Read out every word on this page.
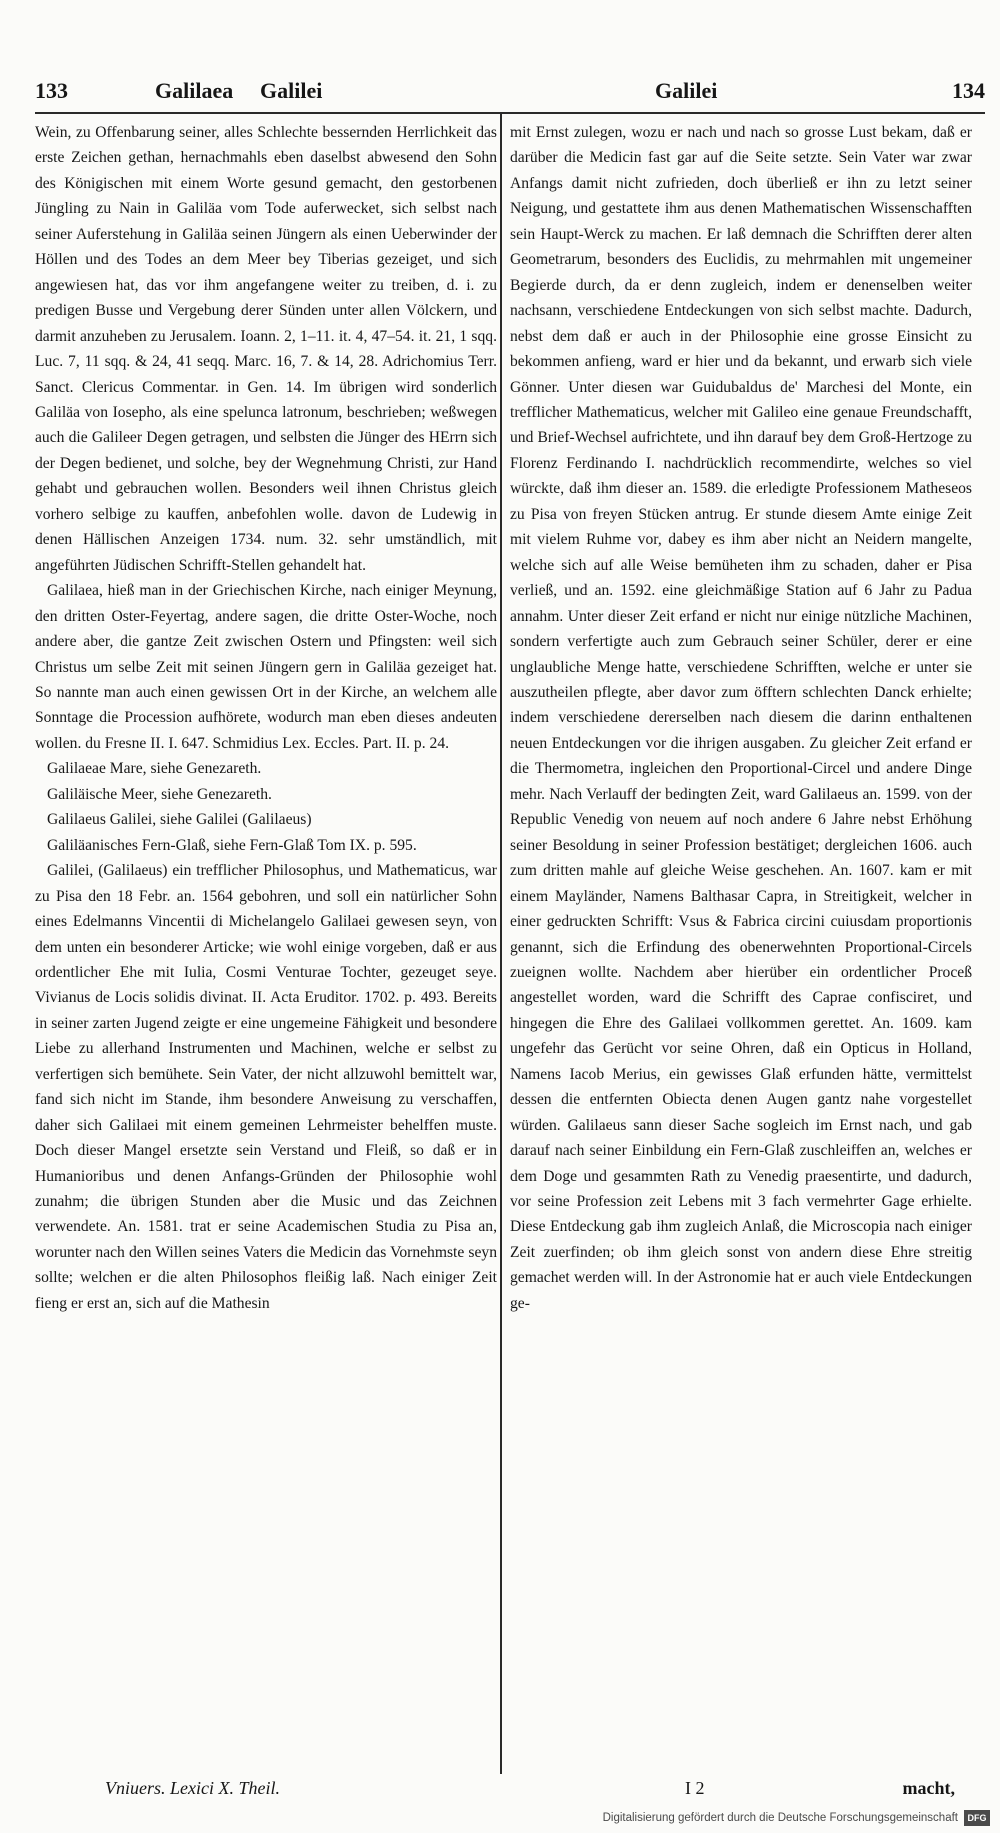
133	Galilaea Galilei	Galilei	134

Wein, zu Offenbarung seiner, alles Schlechte bessernden Herrlichkeit das erste Zeichen gethan, hernachmahls eben daselbst abwesend den Sohn des Königischen mit einem Worte gesund gemacht, den gestorbenen Jüngling zu Nain in Galiläa vom Tode auferwecket, sich selbst nach seiner Auferstehung in Galiläa seinen Jüngern als einen Ueberwinder der Höllen und des Todes an dem Meer bey Tiberias gezeiget, und sich angewiesen hat, das vor ihm angefangene weiter zu treiben, d. i. zu predigen Busse und Vergebung derer Sünden unter allen Völckern, und darmit anzuheben zu Jerusalem. Ioann. 2, 1–11. it. 4, 47–54. it. 21, 1 sqq. Luc. 7, 11 sqq. & 24, 41 seqq. Marc. 16, 7. & 14, 28. Adrichomius Terr. Sanct. Clericus Commentar. in Gen. 14. Im übrigen wird sonderlich Galiläa von Iosepho, als eine spelunca latronum, beschrieben; weßwegen auch die Galileer Degen getragen, und selbsten die Jünger des HErrn sich der Degen bedienet, und solche, bey der Wegnehmung Christi, zur Hand gehabt und gebrauchen wollen. Besonders weil ihnen Christus gleich vorhero selbige zu kauffen, anbefohlen wolle. davon de Ludewig in denen Hällischen Anzeigen 1734. num. 32. sehr umständlich, mit angeführten Jüdischen Schrifft-Stellen gehandelt hat.

Galilaea, hieß man in der Griechischen Kirche, nach einiger Meynung, den dritten Oster-Feyertag, andere sagen, die dritte Oster-Woche, noch andere aber, die gantze Zeit zwischen Ostern und Pfingsten: weil sich Christus um selbe Zeit mit seinen Jüngern gern in Galiläa gezeiget hat. So nannte man auch einen gewissen Ort in der Kirche, an welchem alle Sonntage die Procession aufhörete, wodurch man eben dieses andeuten wollen. du Fresne II. I. 647. Schmidius Lex. Eccles. Part. II. p. 24.

Galilaeae Mare, siehe Genezareth.

Galiläische Meer, siehe Genezareth.

Galilaeus Galilei, siehe Galilei (Galilaeus)

Galiläanisches Fern-Glaß, siehe Fern-Glaß Tom IX. p. 595.

Galilei, (Galilaeus) ein trefflicher Philosophus, und Mathematicus, war zu Pisa den 18 Febr. an. 1564 gebohren, und soll ein natürlicher Sohn eines Edelmanns Vincentii di Michelangelo Galilaei gewesen seyn, von dem unten ein besonderer Articke; wie wohl einige vorgeben, daß er aus ordentlicher Ehe mit Iulia, Cosmi Venturae Tochter, gezeuget seye. Vivianus de Locis solidis divinat. II. Acta Eruditor. 1702. p. 493. Bereits in seiner zarten Jugend zeigte er eine ungemeine Fähigkeit und besondere Liebe zu allerhand Instrumenten und Machinen, welche er selbst zu verfertigen sich bemühete. Sein Vater, der nicht allzuwohl bemittelt war, fand sich nicht im Stande, ihm besondere Anweisung zu verschaffen, daher sich Galilaei mit einem gemeinen Lehrmeister behelffen muste. Doch dieser Mangel ersetzte sein Verstand und Fleiß, so daß er in Humanioribus und denen Anfangs-Gründen der Philosophie wohl zunahm; die übrigen Stunden aber die Music und das Zeichnen verwendete. An. 1581. trat er seine Academischen Studia zu Pisa an, worunter nach den Willen seines Vaters die Medicin das Vornehmste seyn sollte; welchen er die alten Philosophos fleißig laß. Nach einiger Zeit fieng er erst an, sich auf die Mathesin

mit Ernst zulegen, wozu er nach und nach so grosse Lust bekam, daß er darüber die Medicin fast gar auf die Seite setzte. Sein Vater war zwar Anfangs damit nicht zufrieden, doch überließ er ihn zu letzt seiner Neigung, und gestattete ihm aus denen Mathematischen Wissenschafften sein Haupt-Werck zu machen. Er laß demnach die Schrifften derer alten Geometrarum, besonders des Euclidis, zu mehrmahlen mit ungemeiner Begierde durch, da er denn zugleich, indem er denenselben weiter nachsann, verschiedene Entdeckungen von sich selbst machte. Dadurch, nebst dem daß er auch in der Philosophie eine grosse Einsicht zu bekommen anfieng, ward er hier und da bekannt, und erwarb sich viele Gönner. Unter diesen war Guidubaldus de' Marchesi del Monte, ein trefflicher Mathematicus, welcher mit Galileo eine genaue Freundschafft, und Brief-Wechsel aufrichtete, und ihn darauf bey dem Groß-Hertzoge zu Florenz Ferdinando I. nachdrücklich recommendirte, welches so viel würckte, daß ihm dieser an. 1589. die erledigte Professionem Matheseos zu Pisa von freyen Stücken antrug. Er stunde diesem Amte einige Zeit mit vielem Ruhme vor, dabey es ihm aber nicht an Neidern mangelte, welche sich auf alle Weise bemüheten ihm zu schaden, daher er Pisa verließ, und an. 1592. eine gleichmäßige Station auf 6 Jahr zu Padua annahm. Unter dieser Zeit erfand er nicht nur einige nützliche Machinen, sondern verfertigte auch zum Gebrauch seiner Schüler, derer er eine unglaubliche Menge hatte, verschiedene Schrifften, welche er unter sie auszutheilen pflegte, aber davor zum öfftern schlechten Danck erhielte; indem verschiedene dererselben nach diesem die darinn enthaltenen neuen Entdeckungen vor die ihrigen ausgaben. Zu gleicher Zeit erfand er die Thermometra, ingleichen den Proportional-Circel und andere Dinge mehr. Nach Verlauff der bedingten Zeit, ward Galilaeus an. 1599. von der Republic Venedig von neuem auf noch andere 6 Jahre nebst Erhöhung seiner Besoldung in seiner Profession bestätiget; dergleichen 1606. auch zum dritten mahle auf gleiche Weise geschehen. An. 1607. kam er mit einem Mayländer, Namens Balthasar Capra, in Streitigkeit, welcher in einer gedruckten Schrifft: Vsus & Fabrica circini cuiusdam proportionis genannt, sich die Erfindung des obenerwehnten Proportional-Circels zueignen wollte. Nachdem aber hierüber ein ordentlicher Proceß angestellet worden, ward die Schrifft des Caprae confisciret, und hingegen die Ehre des Galilaei vollkommen gerettet. An. 1609. kam ungefehr das Gerücht vor seine Ohren, daß ein Opticus in Holland, Namens Iacob Merius, ein gewisses Glaß erfunden hätte, vermittelst dessen die entfernten Obiecta denen Augen gantz nahe vorgestellet würden. Galilaeus sann dieser Sache sogleich im Ernst nach, und gab darauf nach seiner Einbildung ein Fern-Glaß zuschleiffen an, welches er dem Doge und gesammten Rath zu Venedig praesentirte, und dadurch, vor seine Profession zeit Lebens mit 3 fach vermehrter Gage erhielte. Diese Entdeckung gab ihm zugleich Anlaß, die Microscopia nach einiger Zeit zuerfinden; ob ihm gleich sonst von andern diese Ehre streitig gemachet werden will. In der Astronomie hat er auch viele Entdeckungen ge-

Vniuers. Lexici X. Theil.	I 2	macht,
Digitalisierung gefördert durch die Deutsche Forschungsgemeinschaft	DFG
